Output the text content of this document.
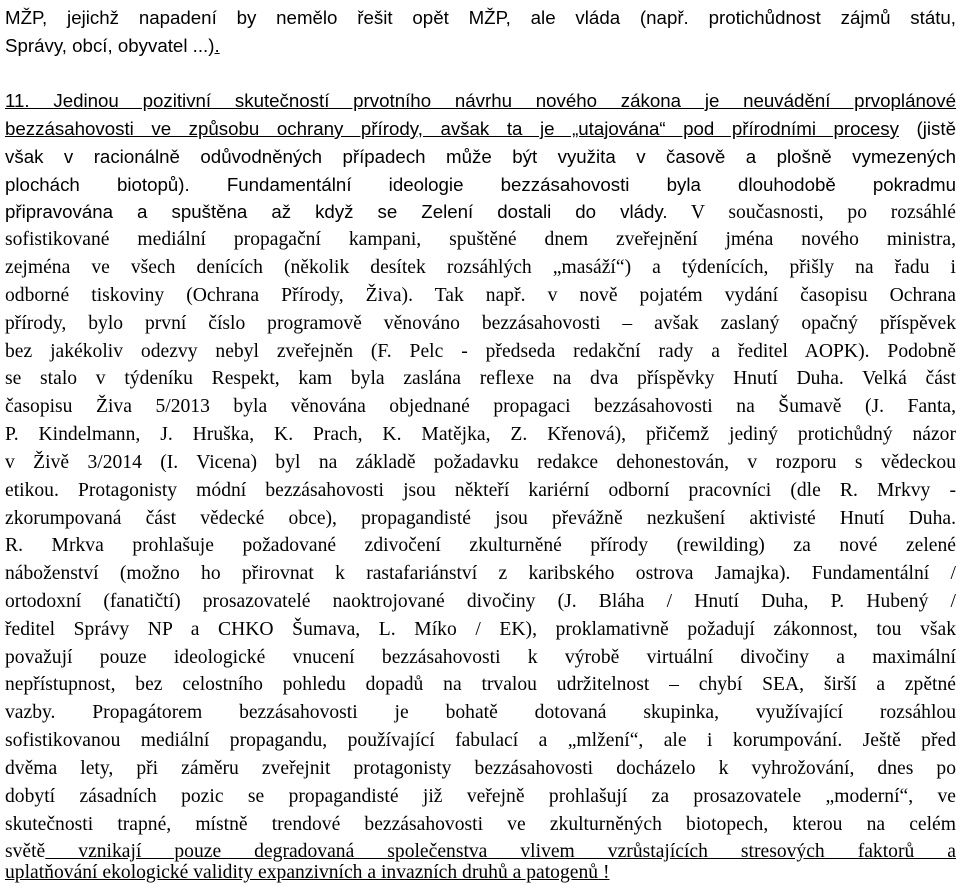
MŽP, jejichž napadení by nemělo řešit opět MŽP, ale vláda (např. protichůdnost zájmů státu,
Správy, obcí, obyvatel ...).
11. Jedinou pozitivní skutečností prvotního návrhu nového zákona je neuvádění prvoplánové
bezzásahovosti ve způsobu ochrany přírody, avšak ta je „utajována“ pod přírodními procesy (jistě
však v racionálně odůvodněných případech může být využita v časově a plošně vymezených
plochách biotopů). Fundamentální ideologie bezzásahovosti byla dlouhodobě pokradmu
připravována a spuštěna až když se Zelení dostali do vlády. V současnosti, po rozsáhlé
sofistikované mediální propagační kampani, spuštěné dnem zveřejnění jména nového ministra,
zejména ve všech denících (několik desítek rozsáhlých „masáží“) a týdenících, přišly na řadu i
odborné tiskoviny (Ochrana Přírody, Živa). Tak např. v nově pojatém vydání časopisu Ochrana
přírody, bylo první číslo programově věnováno bezzásahovosti – avšak zaslaný opačný příspěvek
bez jakékoliv odezvy nebyl zveřejněn (F. Pelc - předseda redakční rady a ředitel AOPK). Podobně
se stalo v týdeníku Respekt, kam byla zaslána reflexe na dva příspěvky Hnutí Duha. Velká část
časopisu Živa 5/2013 byla věnována objednané propagaci bezzásahovosti na Šumavě (J. Fanta,
P. Kindelmann, J. Hruška, K. Prach, K. Matějka, Z. Křenová), přičemž jediný protichůdný názor
v Živě 3/2014 (I. Vicena) byl na základě požadavku redakce dehonestován, v rozporu s vědeckou
etikou. Protagonisty módní bezzásahovosti jsou někteří kariérní odborní pracovníci (dle R. Mrkvy -
zkorumpovaná část vědecké obce), propagandisté jsou převážně nezkušení aktivisté Hnutí Duha.
R. Mrkva prohlašuje požadované zdivočení zkulturněné přírody (rewilding) za nové zelené
náboženství (možno ho přirovnat k rastafariánství z karibského ostrova Jamajka). Fundamentální /
ortodoxní (fanatičtí) prosazovatelé naoktrojované divočiny (J. Bláha / Hnutí Duha, P. Hubený /
ředitel Správy NP a CHKO Šumava, L. Míko / EK), proklamativně požadují zákonnost, tou však
považují pouze ideologické vnucení bezzásahovosti k výrobě virtuální divočiny a maximální
nepřístupnost, bez celostního pohledu dopadů na trvalou udržitelnost – chybí SEA, širší a zpětné
vazby. Propagátorem bezzásahovosti je bohatě dotovaná skupinka, využívající rozsáhlou
sofistikovanou mediální propagandu, používající fabulací a „mlžení“, ale i korumpování. Ještě před
dvěma lety, při záměru zveřejnit protagonisty bezzásahovosti docházelo k vyhrožování, dnes po
dobytí zásadních pozic se propagandisté již veřejně prohlašují za prosazovatele „moderní“, ve
skutečnosti trapné, místně trendové bezzásahovosti ve zkulturněných biotopech, kterou na celém
světě vznikají pouze degradovaná společenstva vlivem vzrůstajících stresových faktorů a
uplatňování ekologické validity expanzivních a invazních druhů a patogenů !
